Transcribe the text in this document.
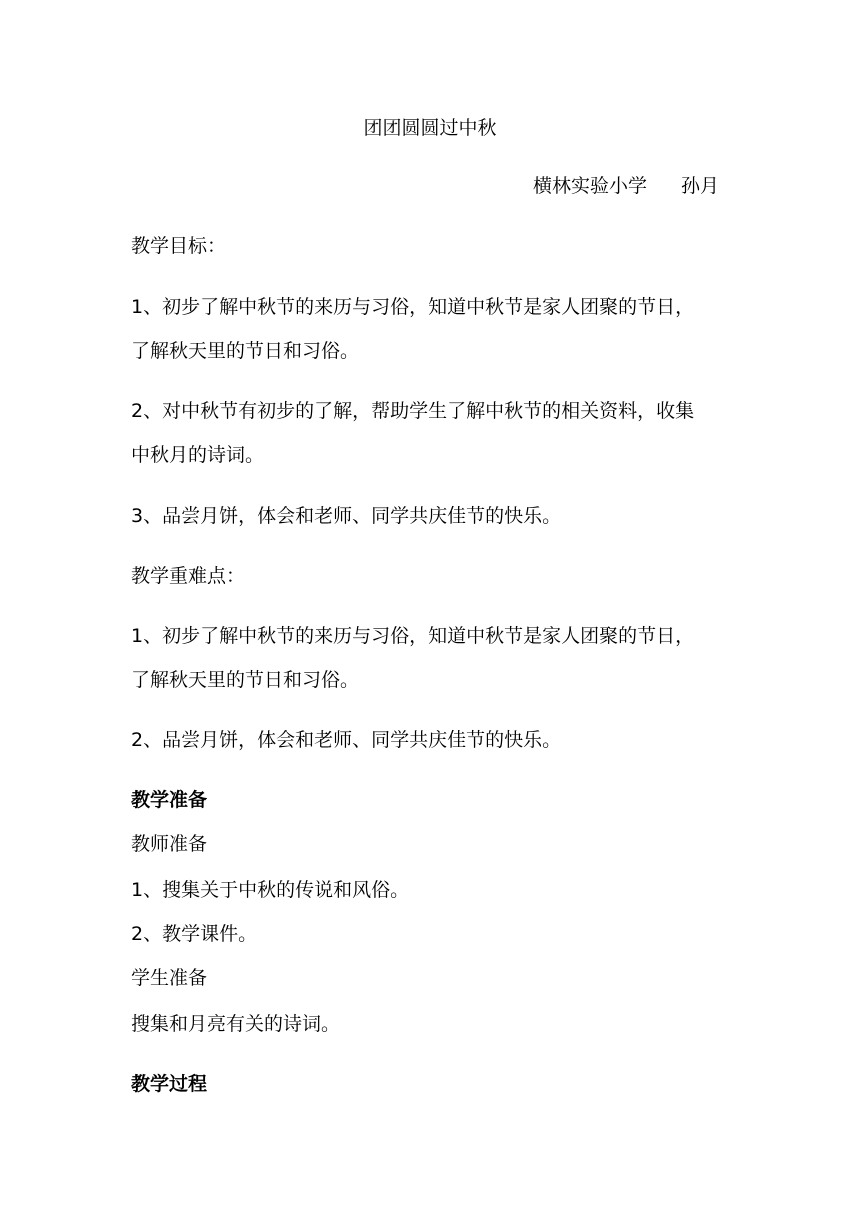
团团圆圆过中秋
横林实验小学 孙月
教学目标：
1、初步了解中秋节的来历与习俗，知道中秋节是家人团聚的节日，
了解秋天里的节日和习俗。
2、对中秋节有初步的了解，帮助学生了解中秋节的相关资料，收集
中秋月的诗词。
3、品尝月饼，体会和老师、同学共庆佳节的快乐。
教学重难点：
1、初步了解中秋节的来历与习俗，知道中秋节是家人团聚的节日，
了解秋天里的节日和习俗。
2、品尝月饼，体会和老师、同学共庆佳节的快乐。
教学准备
教师准备
1、搜集关于中秋的传说和风俗。
2、教学课件。
学生准备
搜集和月亮有关的诗词。
教学过程
